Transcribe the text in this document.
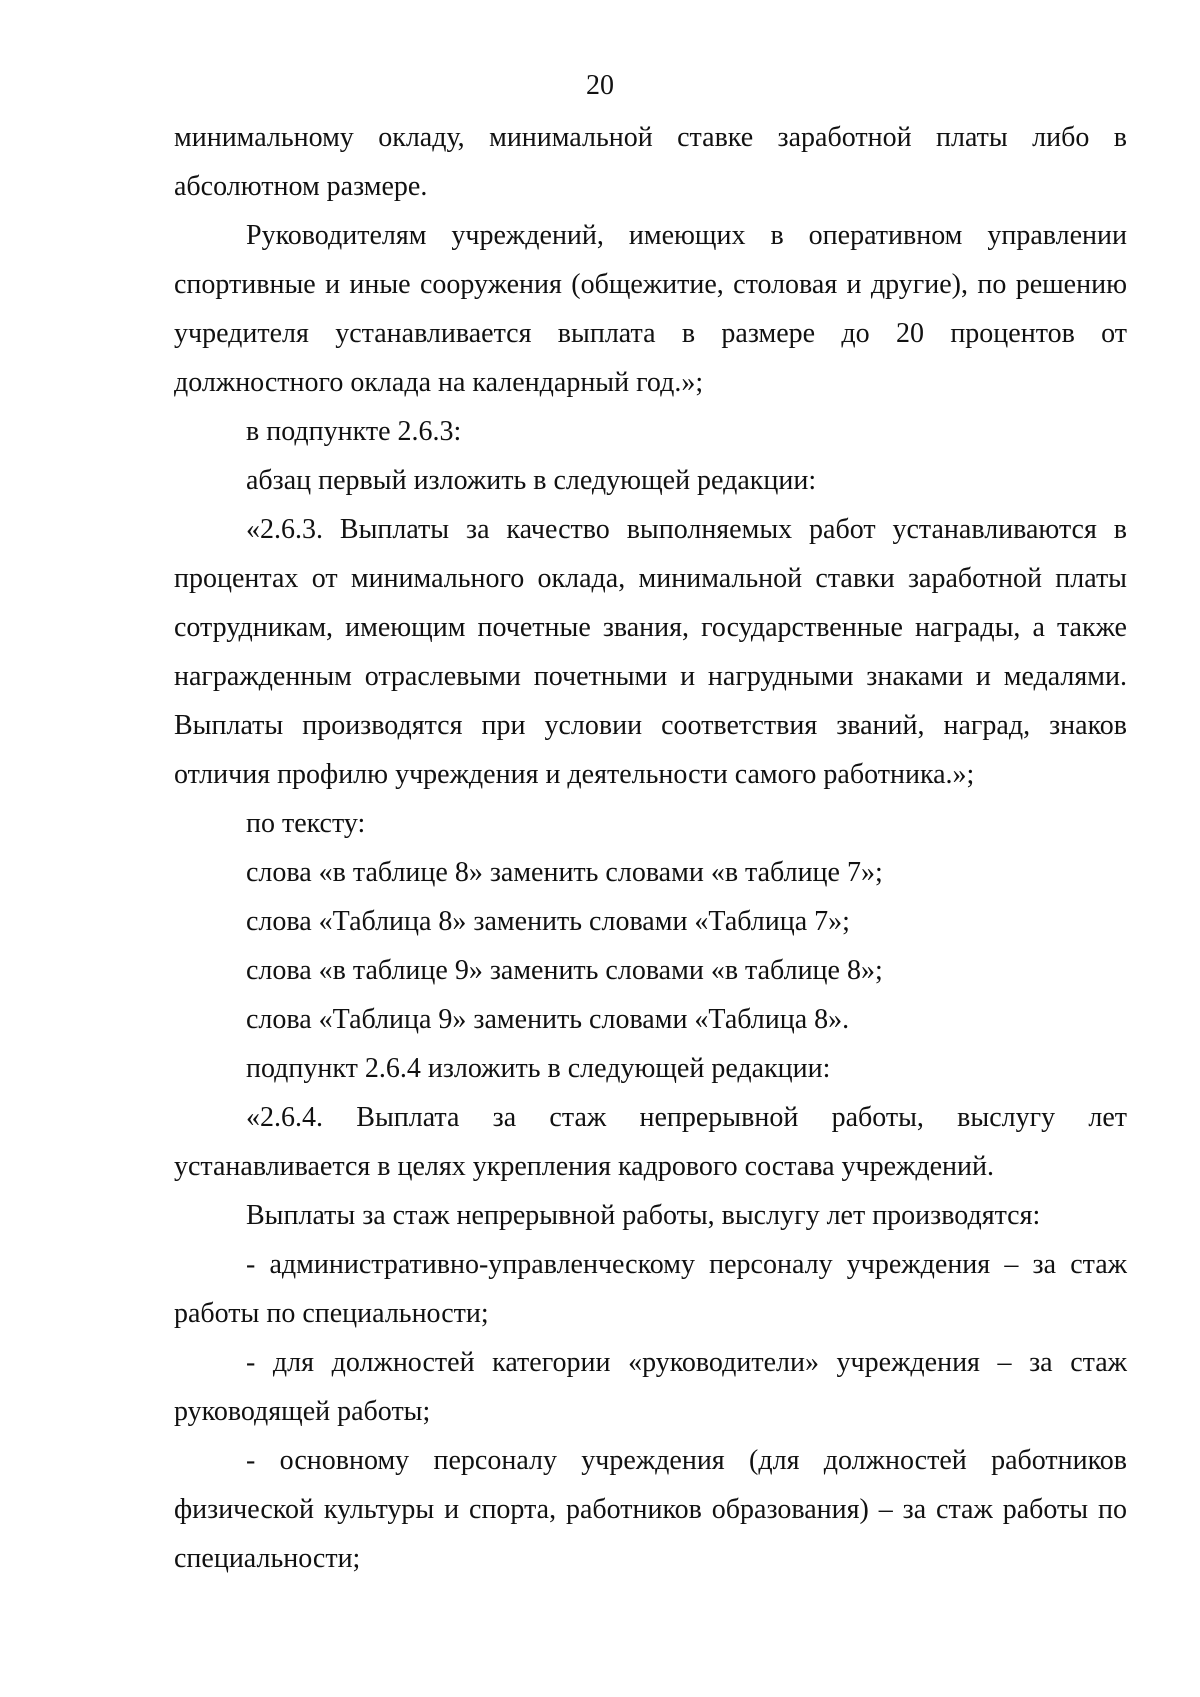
20

минимальному окладу, минимальной ставке заработной платы либо в абсолютном размере.

Руководителям учреждений, имеющих в оперативном управлении спортивные и иные сооружения (общежитие, столовая и другие), по решению учредителя устанавливается выплата в размере до 20 процентов от должностного оклада на календарный год.»;

в подпункте 2.6.3:

абзац первый изложить в следующей редакции:

«2.6.3. Выплаты за качество выполняемых работ устанавливаются в процентах от минимального оклада, минимальной ставки заработной платы сотрудникам, имеющим почетные звания, государственные награды, а также награжденным отраслевыми почетными и нагрудными знаками и медалями. Выплаты производятся при условии соответствия званий, наград, знаков отличия профилю учреждения и деятельности самого работника.»;

по тексту:

слова «в таблице 8» заменить словами «в таблице 7»;

слова «Таблица 8» заменить словами «Таблица 7»;

слова «в таблице 9» заменить словами «в таблице 8»;

слова «Таблица 9» заменить словами «Таблица 8».

подпункт 2.6.4 изложить в следующей редакции:

«2.6.4. Выплата за стаж непрерывной работы, выслугу лет устанавливается в целях укрепления кадрового состава учреждений.

Выплаты за стаж непрерывной работы, выслугу лет производятся:

- административно-управленческому персоналу учреждения – за стаж работы по специальности;

- для должностей категории «руководители» учреждения – за стаж руководящей работы;

- основному персоналу учреждения (для должностей работников физической культуры и спорта, работников образования) – за стаж работы по специальности;
